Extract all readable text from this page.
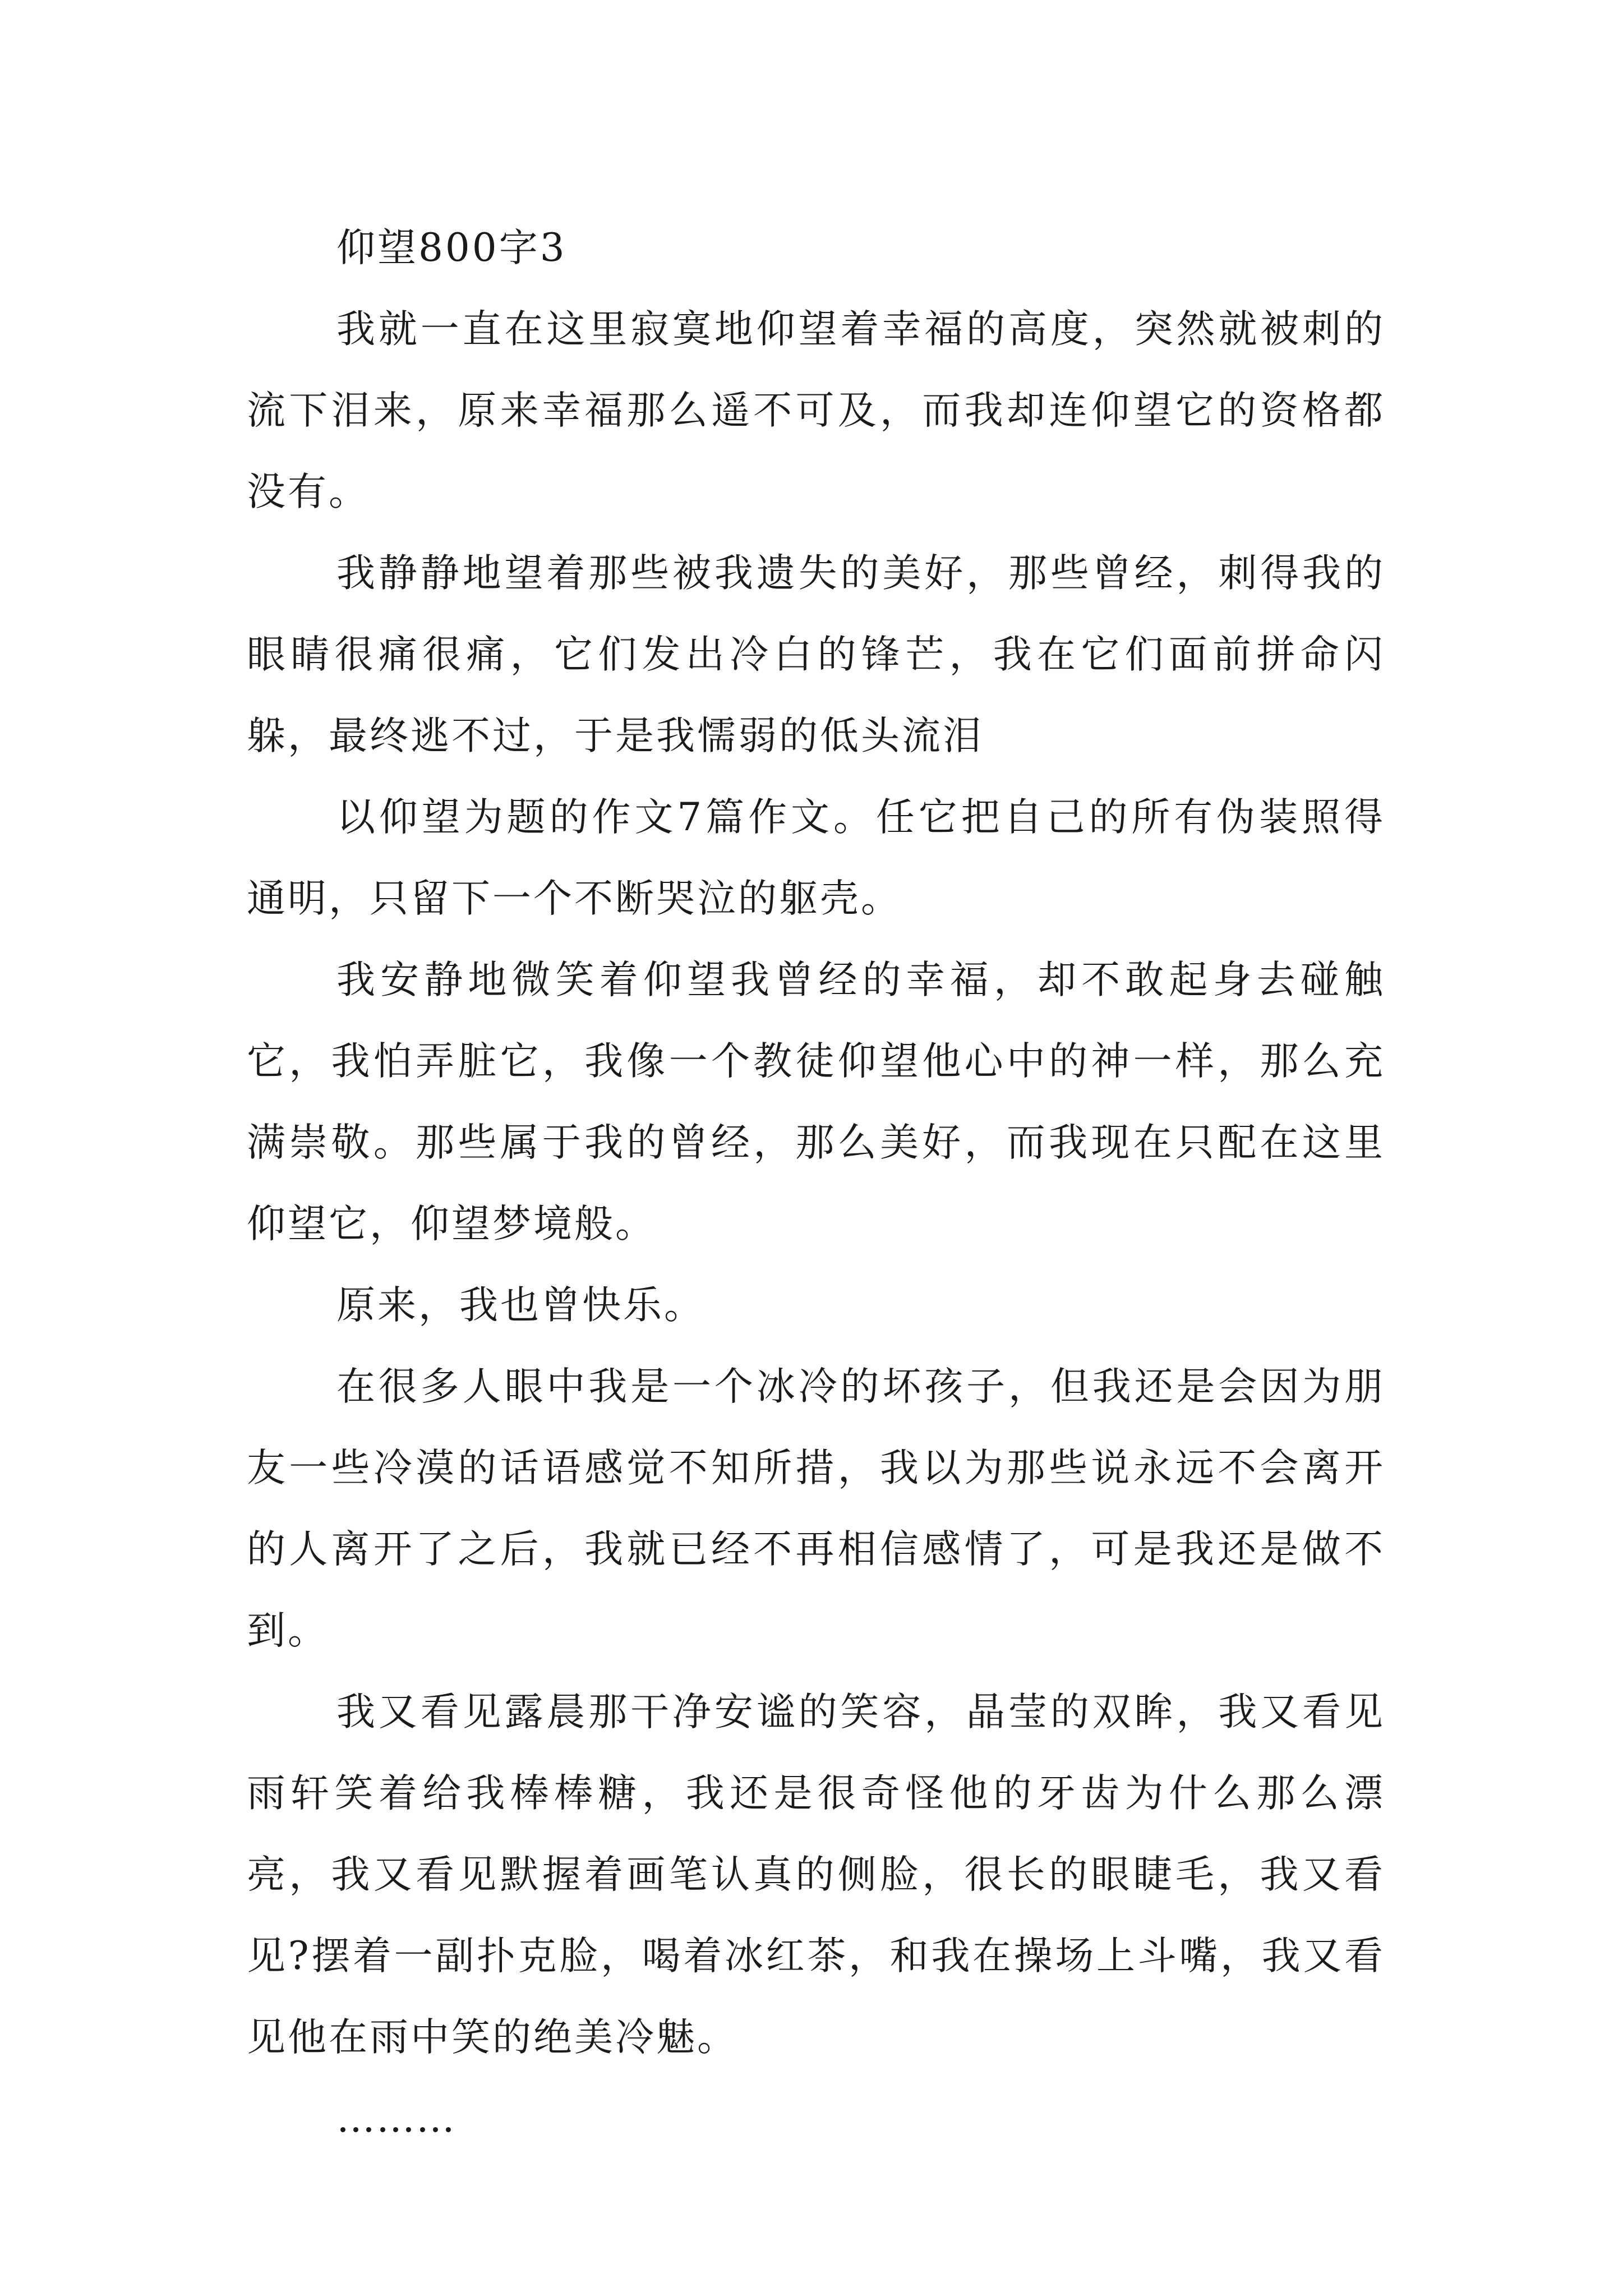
仰望800字3

我就一直在这里寂寞地仰望着幸福的高度，突然就被刺的流下泪来，原来幸福那么遥不可及，而我却连仰望它的资格都没有。

我静静地望着那些被我遗失的美好，那些曾经，刺得我的眼睛很痛很痛，它们发出冷白的锋芒，我在它们面前拼命闪躲，最终逃不过，于是我懦弱的低头流泪

以仰望为题的作文7篇作文。任它把自己的所有伪装照得通明，只留下一个不断哭泣的躯壳。

我安静地微笑着仰望我曾经的幸福，却不敢起身去碰触它，我怕弄脏它，我像一个教徒仰望他心中的神一样，那么充满崇敬。那些属于我的曾经，那么美好，而我现在只配在这里仰望它，仰望梦境般。

原来，我也曾快乐。

在很多人眼中我是一个冰冷的坏孩子，但我还是会因为朋友一些冷漠的话语感觉不知所措，我以为那些说永远不会离开的人离开了之后，我就已经不再相信感情了，可是我还是做不到。

我又看见露晨那干净安谧的笑容，晶莹的双眸，我又看见雨轩笑着给我棒棒糖，我还是很奇怪他的牙齿为什么那么漂亮，我又看见默握着画笔认真的侧脸，很长的眼睫毛，我又看见?摆着一副扑克脸，喝着冰红茶，和我在操场上斗嘴，我又看见他在雨中笑的绝美冷魅。

………
